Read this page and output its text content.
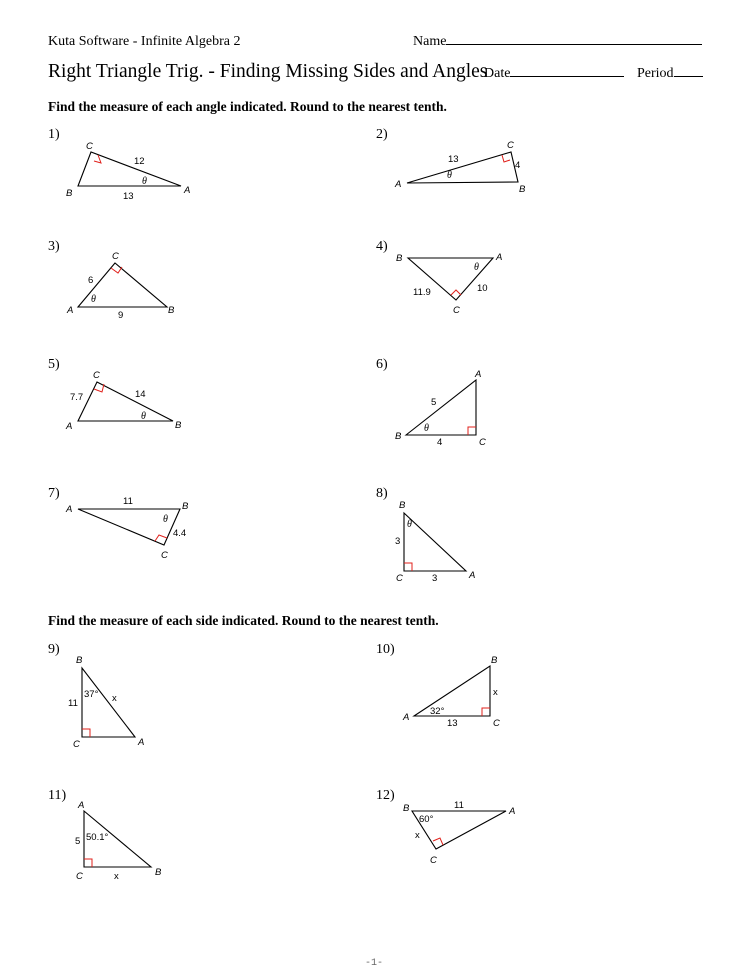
Kuta Software - Infinite Algebra 2	Name
Right Triangle Trig. - Finding Missing Sides and Angles
Date	Period
Find the measure of each angle indicated. Round to the nearest tenth.
Find the measure of each side indicated. Round to the nearest tenth.
1)	2)
3)	4)
5)	6)
7)	8)
9)	10)
11)	12)
C
B	A
12
13
θ
C
A	B
13
4
θ
C
A	B
6
9
θ
B	A
C
11.9	10
θ
C
A	B
7.7	14
θ
A
B
C
5
4
θ
A	B
C
11
4.4
θ
B
C	A
3
3
θ
B
C	A
11	x
37°
B
A
C
x
13
32°
A
C	B
5
x
50.1°
B	A
C
11
x
60°
-1-
